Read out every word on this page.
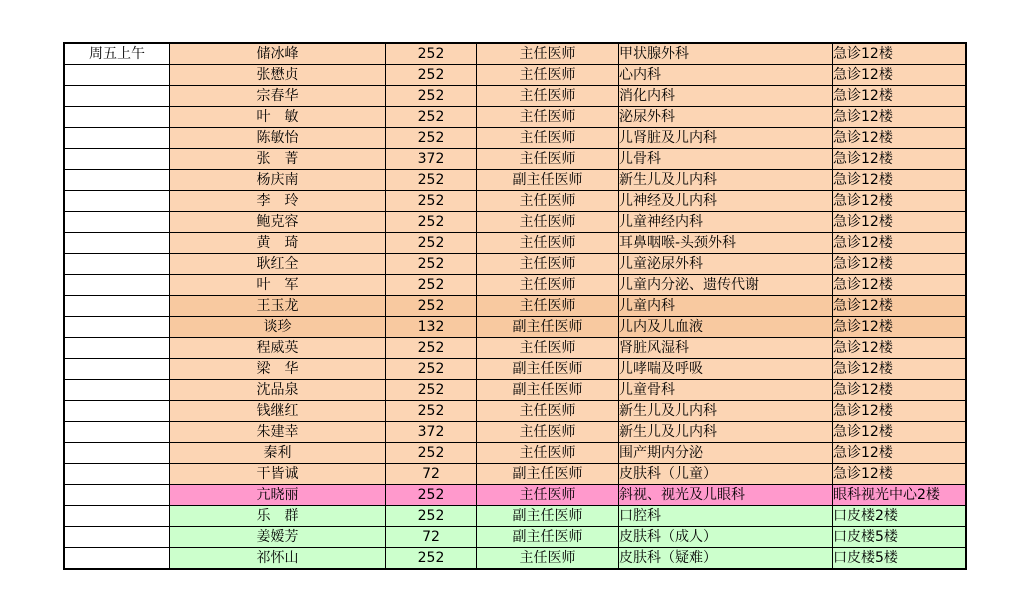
周五上午	储冰峰	252	主任医师	甲状腺外科	急诊12楼
	张懋贞	252	主任医师	心内科	急诊12楼
	宗春华	252	主任医师	消化内科	急诊12楼
	叶　敏	252	主任医师	泌尿外科	急诊12楼
	陈敏怡	252	主任医师	儿肾脏及儿内科	急诊12楼
	张　菁	372	主任医师	儿骨科	急诊12楼
	杨庆南	252	副主任医师	新生儿及儿内科	急诊12楼
	李　玲	252	主任医师	儿神经及儿内科	急诊12楼
	鲍克容	252	主任医师	儿童神经内科	急诊12楼
	黄　琦	252	主任医师	耳鼻咽喉-头颈外科	急诊12楼
	耿红全	252	主任医师	儿童泌尿外科	急诊12楼
	叶　军	252	主任医师	儿童内分泌、遗传代谢	急诊12楼
	王玉龙	252	主任医师	儿童内科	急诊12楼
	谈珍	132	副主任医师	儿内及儿血液	急诊12楼
	程威英	252	主任医师	肾脏风湿科	急诊12楼
	梁　华	252	副主任医师	儿哮喘及呼吸	急诊12楼
	沈品泉	252	副主任医师	儿童骨科	急诊12楼
	钱继红	252	主任医师	新生儿及儿内科	急诊12楼
	朱建幸	372	主任医师	新生儿及儿内科	急诊12楼
	秦利	252	主任医师	围产期内分泌	急诊12楼
	干皆诚	72	副主任医师	皮肤科（儿童）	急诊12楼
	亢晓丽	252	主任医师	斜视、视光及儿眼科	眼科视光中心2楼
	乐　群	252	副主任医师	口腔科	口皮楼2楼
	姜嫒芳	72	副主任医师	皮肤科（成人）	口皮楼5楼
	祁怀山	252	主任医师	皮肤科（疑难）	口皮楼5楼
